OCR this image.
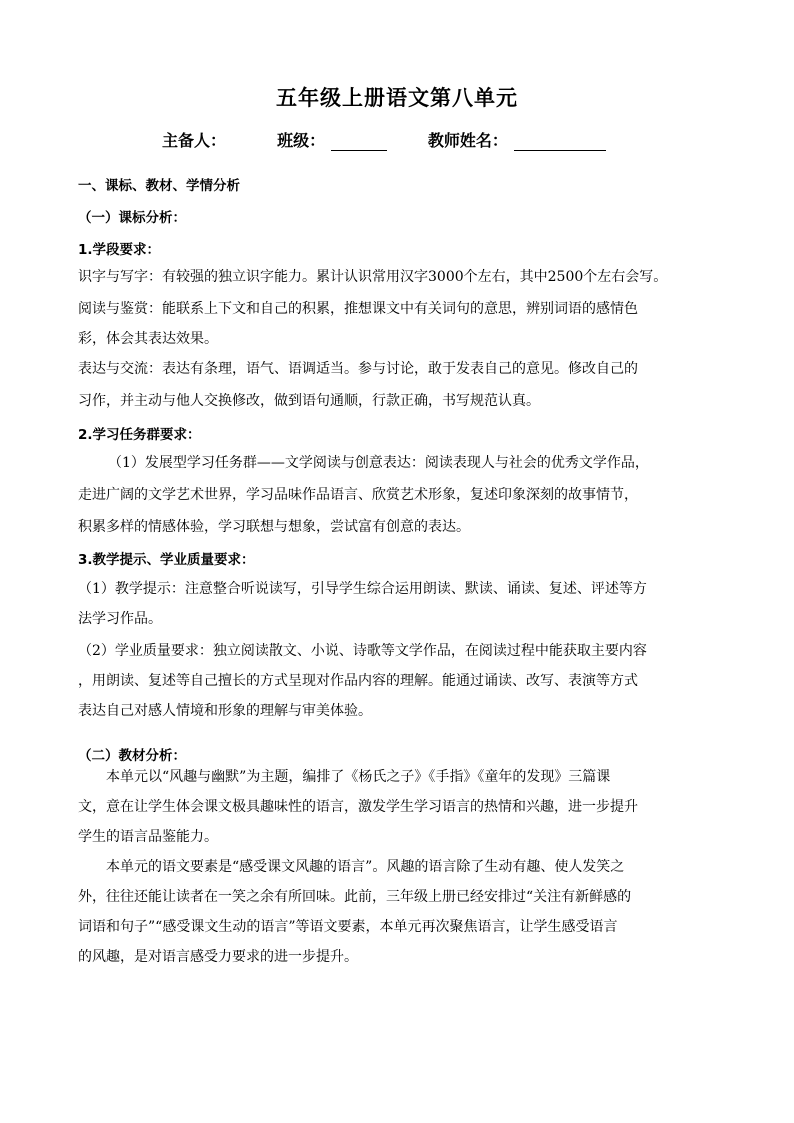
五年级上册语文第八单元
主备人：	班级：	教师姓名：
一、课标、教材、学情分析
（一）课标分析：
1.学段要求：
识字与写字：有较强的独立识字能力。累计认识常用汉字3000个左右，其中2500个左右会写。
阅读与鉴赏：能联系上下文和自己的积累，推想课文中有关词句的意思，辨别词语的感情色
彩，体会其表达效果。
表达与交流：表达有条理，语气、语调适当。参与讨论，敢于发表自己的意见。修改自己的
习作，并主动与他人交换修改，做到语句通顺，行款正确，书写规范认真。
2.学习任务群要求：
（1）发展型学习任务群——文学阅读与创意表达：阅读表现人与社会的优秀文学作品，
走进广阔的文学艺术世界，学习品味作品语言、欣赏艺术形象，复述印象深刻的故事情节，
积累多样的情感体验，学习联想与想象，尝试富有创意的表达。
3.教学提示、学业质量要求：
（1）教学提示：注意整合听说读写，引导学生综合运用朗读、默读、诵读、复述、评述等方
法学习作品。
（2）学业质量要求：独立阅读散文、小说、诗歌等文学作品，在阅读过程中能获取主要内容
，用朗读、复述等自己擅长的方式呈现对作品内容的理解。能通过诵读、改写、表演等方式
表达自己对感人情境和形象的理解与审美体验。
（二）教材分析：
本单元以“风趣与幽默”为主题，编排了《杨氏之子》《手指》《童年的发现》三篇课
文，意在让学生体会课文极具趣味性的语言，激发学生学习语言的热情和兴趣，进一步提升
学生的语言品鉴能力。
本单元的语文要素是“感受课文风趣的语言”。风趣的语言除了生动有趣、使人发笑之
外，往往还能让读者在一笑之余有所回味。此前，三年级上册已经安排过“关注有新鲜感的
词语和句子”“感受课文生动的语言”等语文要素，本单元再次聚焦语言，让学生感受语言
的风趣，是对语言感受力要求的进一步提升。
